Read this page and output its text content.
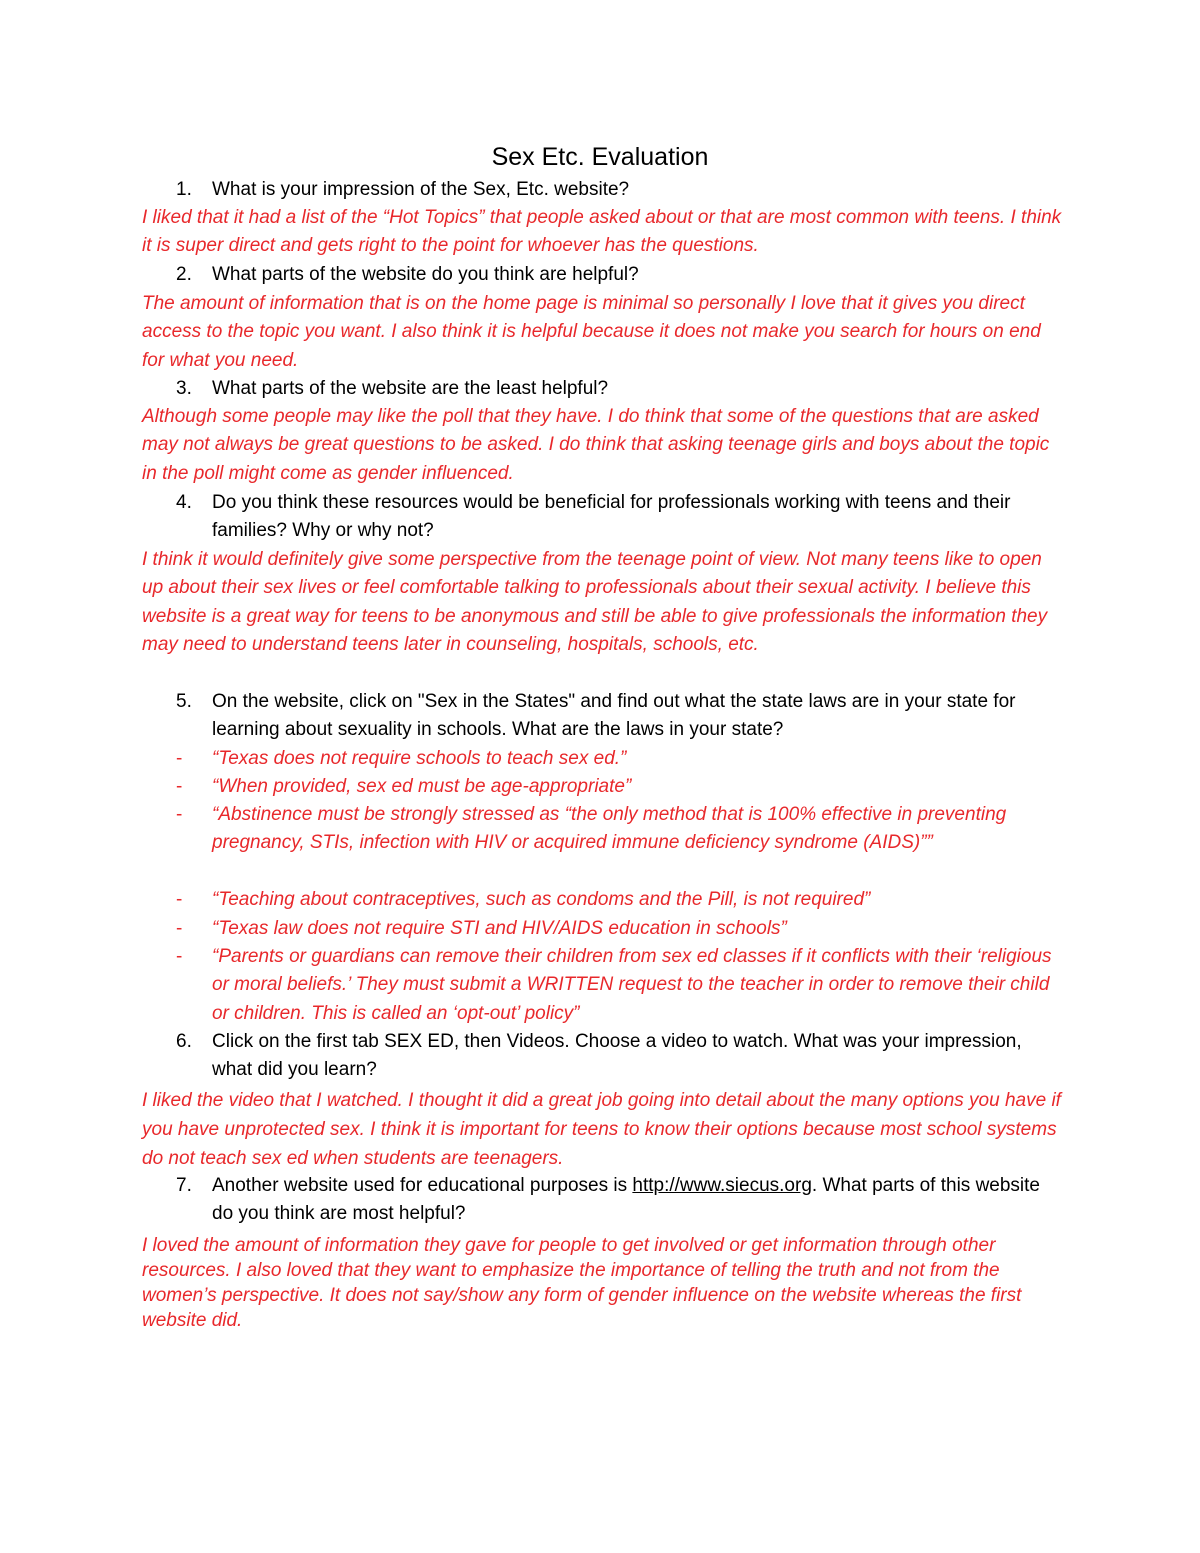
Sex Etc. Evaluation
1. What is your impression of the Sex, Etc. website?

I liked that it had a list of the “Hot Topics” that people asked about or that are most common with teens. I think it is super direct and gets right to the point for whoever has the questions.

2. What parts of the website do you think are helpful?

The amount of information that is on the home page is minimal so personally I love that it gives you direct access to the topic you want. I also think it is helpful because it does not make you search for hours on end for what you need.

3. What parts of the website are the least helpful?

Although some people may like the poll that they have. I do think that some of the questions that are asked may not always be great questions to be asked. I do think that asking teenage girls and boys about the topic in the poll might come as gender influenced.

4. Do you think these resources would be beneficial for professionals working with teens and their families? Why or why not?

I think it would definitely give some perspective from the teenage point of view. Not many teens like to open up about their sex lives or feel comfortable talking to professionals about their sexual activity. I believe this website is a great way for teens to be anonymous and still be able to give professionals the information they may need to understand teens later in counseling, hospitals, schools, etc.

5. On the website, click on "Sex in the States" and find out what the state laws are in your state for learning about sexuality in schools. What are the laws in your state?
- “Texas does not require schools to teach sex ed.”
- “When provided, sex ed must be age-appropriate”
- “Abstinence must be strongly stressed as “the only method that is 100% effective in preventing pregnancy, STIs, infection with HIV or acquired immune deficiency syndrome (AIDS)””
- “Teaching about contraceptives, such as condoms and the Pill, is not required”
- “Texas law does not require STI and HIV/AIDS education in schools”
- “Parents or guardians can remove their children from sex ed classes if it conflicts with their ‘religious or moral beliefs.’ They must submit a WRITTEN request to the teacher in order to remove their child or children. This is called an ‘opt-out’ policy”
6. Click on the first tab SEX ED, then Videos. Choose a video to watch. What was your impression, what did you learn?

I liked the video that I watched. I thought it did a great job going into detail about the many options you have if you have unprotected sex. I think it is important for teens to know their options because most school systems do not teach sex ed when students are teenagers.

7. Another website used for educational purposes is http://www.siecus.org. What parts of this website do you think are most helpful?

I loved the amount of information they gave for people to get involved or get information through other resources. I also loved that they want to emphasize the importance of telling the truth and not from the women’s perspective. It does not say/show any form of gender influence on the website whereas the first website did.
